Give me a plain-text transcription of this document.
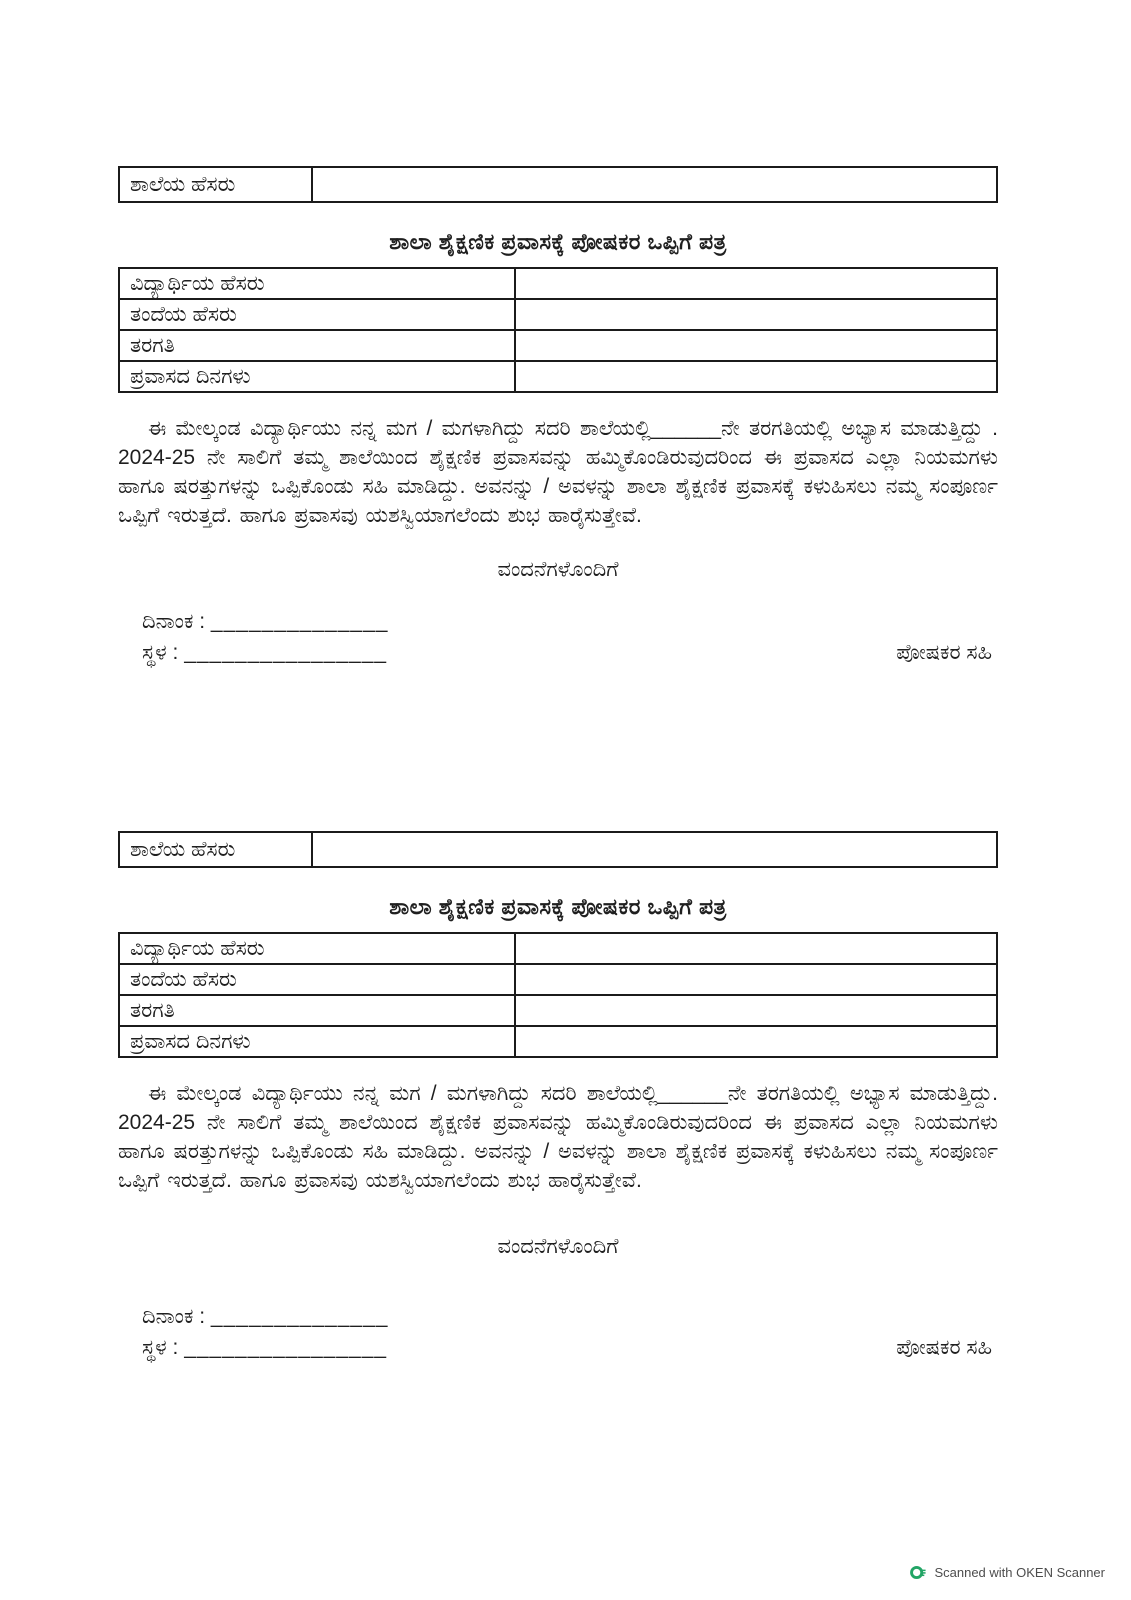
ಶಾಲೆಯ ಹೆಸರು
ಶಾಲಾ ಶೈಕ್ಷಣಿಕ ಪ್ರವಾಸಕ್ಕೆ ಪೋಷಕರ ಒಪ್ಪಿಗೆ ಪತ್ರ
ವಿದ್ಯಾರ್ಥಿಯ ಹೆಸರು
ತಂದೆಯ ಹೆಸರು
ತರಗತಿ
ಪ್ರವಾಸದ ದಿನಗಳು

ಈ ಮೇಲ್ಕಂಡ ವಿದ್ಯಾರ್ಥಿಯು ನನ್ನ ಮಗ / ಮಗಳಾಗಿದ್ದು ಸದರಿ ಶಾಲೆಯಲ್ಲಿ______ನೇ ತರಗತಿಯಲ್ಲಿ ಅಭ್ಯಾಸ ಮಾಡುತ್ತಿದ್ದು . 2024-25 ನೇ ಸಾಲಿಗೆ ತಮ್ಮ ಶಾಲೆಯಿಂದ ಶೈಕ್ಷಣಿಕ ಪ್ರವಾಸವನ್ನು ಹಮ್ಮಿಕೊಂಡಿರುವುದರಿಂದ ಈ ಪ್ರವಾಸದ ಎಲ್ಲಾ ನಿಯಮಗಳು ಹಾಗೂ ಷರತ್ತುಗಳನ್ನು ಒಪ್ಪಿಕೊಂಡು ಸಹಿ ಮಾಡಿದ್ದು. ಅವನನ್ನು / ಅವಳನ್ನು ಶಾಲಾ ಶೈಕ್ಷಣಿಕ ಪ್ರವಾಸಕ್ಕೆ ಕಳುಹಿಸಲು ನಮ್ಮ ಸಂಪೂರ್ಣ ಒಪ್ಪಿಗೆ ಇರುತ್ತದೆ. ಹಾಗೂ ಪ್ರವಾಸವು ಯಶಸ್ವಿಯಾಗಲೆಂದು ಶುಭ ಹಾರೈಸುತ್ತೇವೆ.

ವಂದನೆಗಳೊಂದಿಗೆ
ದಿನಾಂಕ : ______________
ಸ್ಥಳ : ________________	ಪೋಷಕರ ಸಹಿ
ಶಾಲೆಯ ಹೆಸರು
ಶಾಲಾ ಶೈಕ್ಷಣಿಕ ಪ್ರವಾಸಕ್ಕೆ ಪೋಷಕರ ಒಪ್ಪಿಗೆ ಪತ್ರ
ವಿದ್ಯಾರ್ಥಿಯ ಹೆಸರು
ತಂದೆಯ ಹೆಸರು
ತರಗತಿ
ಪ್ರವಾಸದ ದಿನಗಳು

ಈ ಮೇಲ್ಕಂಡ ವಿದ್ಯಾರ್ಥಿಯು ನನ್ನ ಮಗ / ಮಗಳಾಗಿದ್ದು ಸದರಿ ಶಾಲೆಯಲ್ಲಿ______ನೇ ತರಗತಿಯಲ್ಲಿ ಅಭ್ಯಾಸ ಮಾಡುತ್ತಿದ್ದು. 2024-25 ನೇ ಸಾಲಿಗೆ ತಮ್ಮ ಶಾಲೆಯಿಂದ ಶೈಕ್ಷಣಿಕ ಪ್ರವಾಸವನ್ನು ಹಮ್ಮಿಕೊಂಡಿರುವುದರಿಂದ ಈ ಪ್ರವಾಸದ ಎಲ್ಲಾ ನಿಯಮಗಳು ಹಾಗೂ ಷರತ್ತುಗಳನ್ನು ಒಪ್ಪಿಕೊಂಡು ಸಹಿ ಮಾಡಿದ್ದು. ಅವನನ್ನು / ಅವಳನ್ನು ಶಾಲಾ ಶೈಕ್ಷಣಿಕ ಪ್ರವಾಸಕ್ಕೆ ಕಳುಹಿಸಲು ನಮ್ಮ ಸಂಪೂರ್ಣ ಒಪ್ಪಿಗೆ ಇರುತ್ತದೆ. ಹಾಗೂ ಪ್ರವಾಸವು ಯಶಸ್ವಿಯಾಗಲೆಂದು ಶುಭ ಹಾರೈಸುತ್ತೇವೆ.

ವಂದನೆಗಳೊಂದಿಗೆ
ದಿನಾಂಕ : ______________
ಸ್ಥಳ : ________________	ಪೋಷಕರ ಸಹಿ
Scanned with OKEN Scanner
